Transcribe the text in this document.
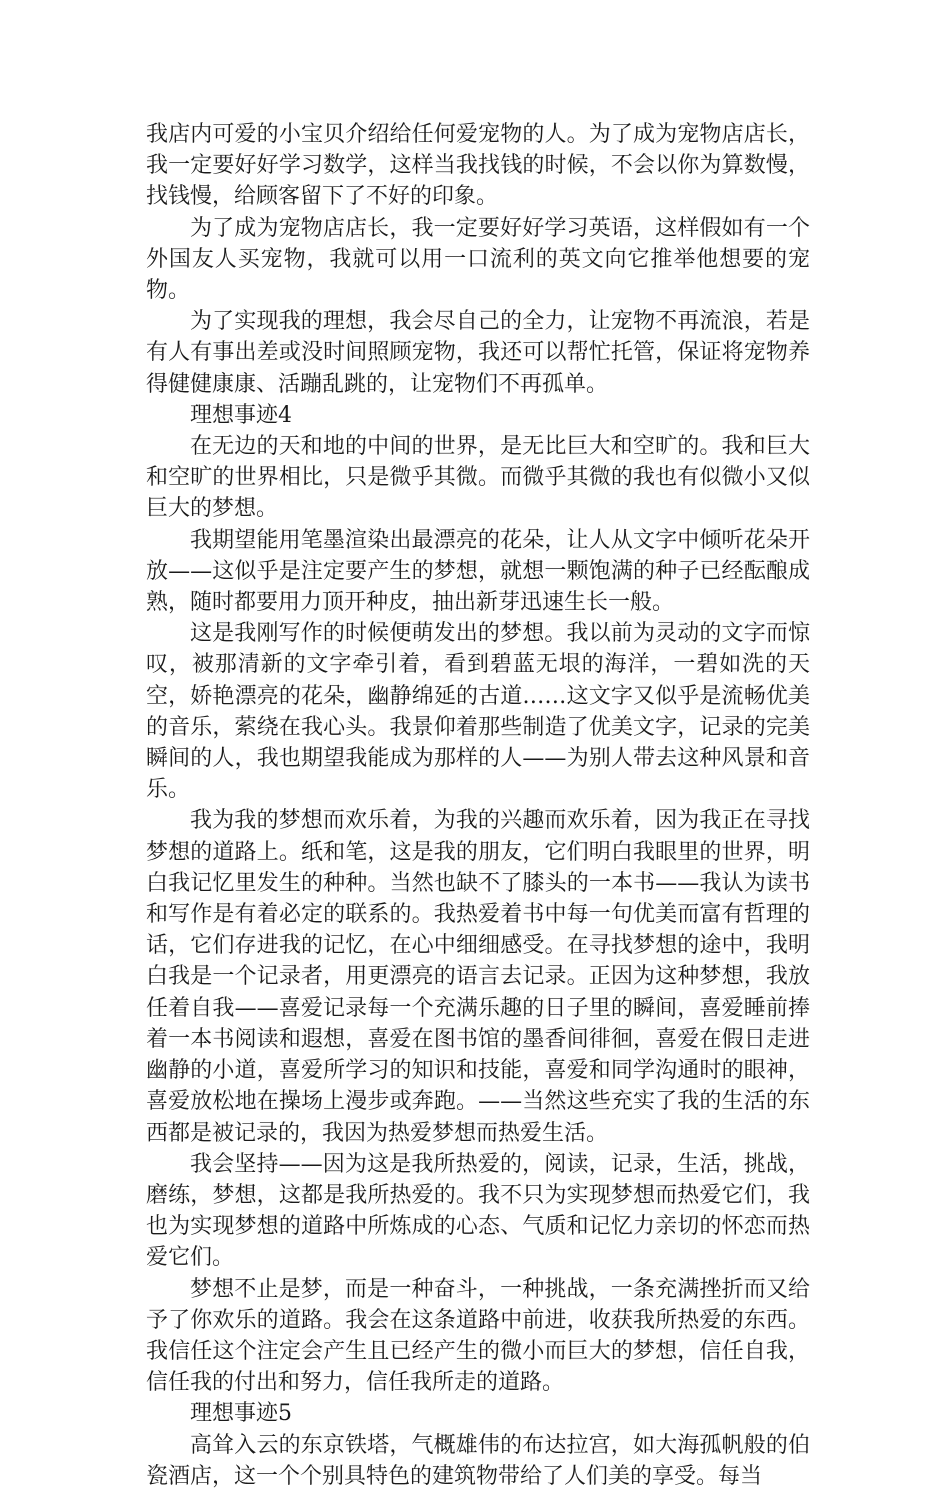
我店内可爱的小宝贝介绍给任何爱宠物的人。为了成为宠物店店长，我一定要好好学习数学，这样当我找钱的时候，不会以你为算数慢，找钱慢，给顾客留下了不好的印象。

为了成为宠物店店长，我一定要好好学习英语，这样假如有一个外国友人买宠物，我就可以用一口流利的英文向它推举他想要的宠物。

为了实现我的理想，我会尽自己的全力，让宠物不再流浪，若是有人有事出差或没时间照顾宠物，我还可以帮忙托管，保证将宠物养得健健康康、活蹦乱跳的，让宠物们不再孤单。

理想事迹4

在无边的天和地的中间的世界，是无比巨大和空旷的。我和巨大和空旷的世界相比，只是微乎其微。而微乎其微的我也有似微小又似巨大的梦想。

我期望能用笔墨渲染出最漂亮的花朵，让人从文字中倾听花朵开放——这似乎是注定要产生的梦想，就想一颗饱满的种子已经酝酿成熟，随时都要用力顶开种皮，抽出新芽迅速生长一般。

这是我刚写作的时候便萌发出的梦想。我以前为灵动的文字而惊叹，被那清新的文字牵引着，看到碧蓝无垠的海洋，一碧如洗的天空，娇艳漂亮的花朵，幽静绵延的古道……这文字又似乎是流畅优美的音乐，萦绕在我心头。我景仰着那些制造了优美文字，记录的完美瞬间的人，我也期望我能成为那样的人——为别人带去这种风景和音乐。

我为我的梦想而欢乐着，为我的兴趣而欢乐着，因为我正在寻找梦想的道路上。纸和笔，这是我的朋友，它们明白我眼里的世界，明白我记忆里发生的种种。当然也缺不了膝头的一本书——我认为读书和写作是有着必定的联系的。我热爱着书中每一句优美而富有哲理的话，它们存进我的记忆，在心中细细感受。在寻找梦想的途中，我明白我是一个记录者，用更漂亮的语言去记录。正因为这种梦想，我放任着自我——喜爱记录每一个充满乐趣的日子里的瞬间，喜爱睡前捧着一本书阅读和遐想，喜爱在图书馆的墨香间徘徊，喜爱在假日走进幽静的小道，喜爱所学习的知识和技能，喜爱和同学沟通时的眼神，喜爱放松地在操场上漫步或奔跑。——当然这些充实了我的生活的东西都是被记录的，我因为热爱梦想而热爱生活。

我会坚持——因为这是我所热爱的，阅读，记录，生活，挑战，磨练，梦想，这都是我所热爱的。我不只为实现梦想而热爱它们，我也为实现梦想的道路中所炼成的心态、气质和记忆力亲切的怀恋而热爱它们。

梦想不止是梦，而是一种奋斗，一种挑战，一条充满挫折而又给予了你欢乐的道路。我会在这条道路中前进，收获我所热爱的东西。我信任这个注定会产生且已经产生的微小而巨大的梦想，信任自我，信任我的付出和努力，信任我所走的道路。

理想事迹5

高耸入云的东京铁塔，气概雄伟的布达拉宫，如大海孤帆般的伯瓷酒店，这一个个别具特色的建筑物带给了人们美的享受。每当
